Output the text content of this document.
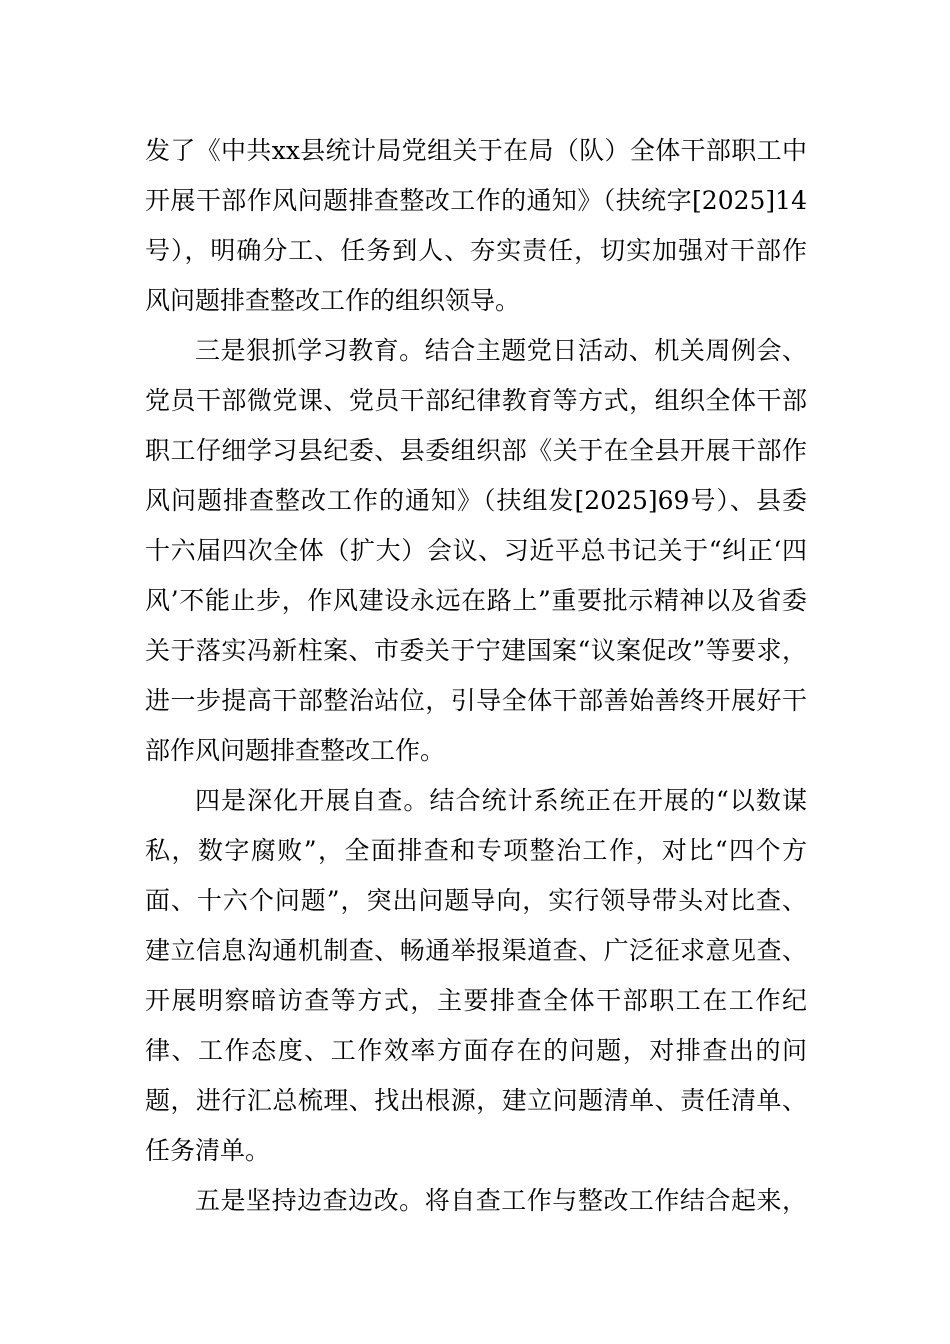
发了《中共xx县统计局党组关于在局（队）全体干部职工中开展干部作风问题排查整改工作的通知》（扶统字[2025]14号），明确分工、任务到人、夯实责任，切实加强对干部作风问题排查整改工作的组织领导。

三是狠抓学习教育。结合主题党日活动、机关周例会、党员干部微党课、党员干部纪律教育等方式，组织全体干部职工仔细学习县纪委、县委组织部《关于在全县开展干部作风问题排查整改工作的通知》（扶组发[2025]69号）、县委十六届四次全体（扩大）会议、习近平总书记关于“纠正‘四风’不能止步，作风建设永远在路上”重要批示精神以及省委关于落实冯新柱案、市委关于宁建国案“议案促改”等要求，进一步提高干部整治站位，引导全体干部善始善终开展好干部作风问题排查整改工作。

四是深化开展自查。结合统计系统正在开展的“以数谋私，数字腐败”，全面排查和专项整治工作，对比“四个方面、十六个问题”，突出问题导向，实行领导带头对比查、建立信息沟通机制查、畅通举报渠道查、广泛征求意见查、开展明察暗访查等方式，主要排查全体干部职工在工作纪律、工作态度、工作效率方面存在的问题，对排查出的问题，进行汇总梳理、找出根源，建立问题清单、责任清单、任务清单。

五是坚持边查边改。将自查工作与整改工作结合起来，
